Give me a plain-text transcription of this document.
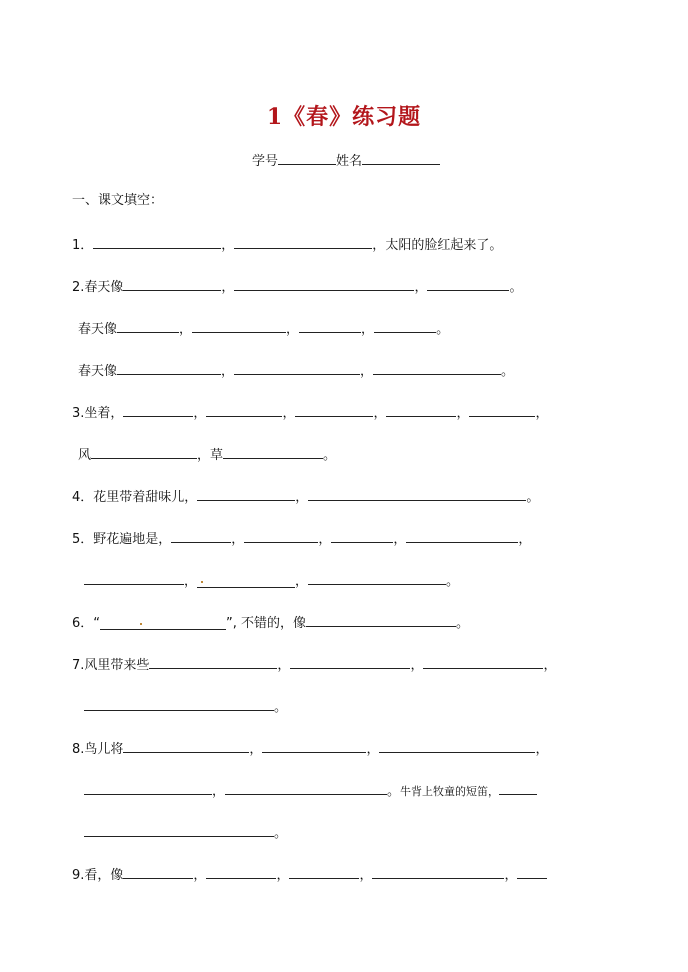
1《春》练习题
学号	姓名
一、课文填空：
1．	，	，太阳的脸红起来了。
2.春天像	，	，	。
春天像	，	，	，	。
春天像	，	，	。
3.坐着，	，	，	，	，	，
风	，草	。
4．花里带着甜味儿，	，	。
5．野花遍地是，	，	，	，	，
，	，	。
6．“	”, 不错的，像	。
7.风里带来些	，	，	，
。
8.鸟儿将	，	，	，
，	。牛背上牧童的短笛，
。
9.看，像	，	，	，	，
